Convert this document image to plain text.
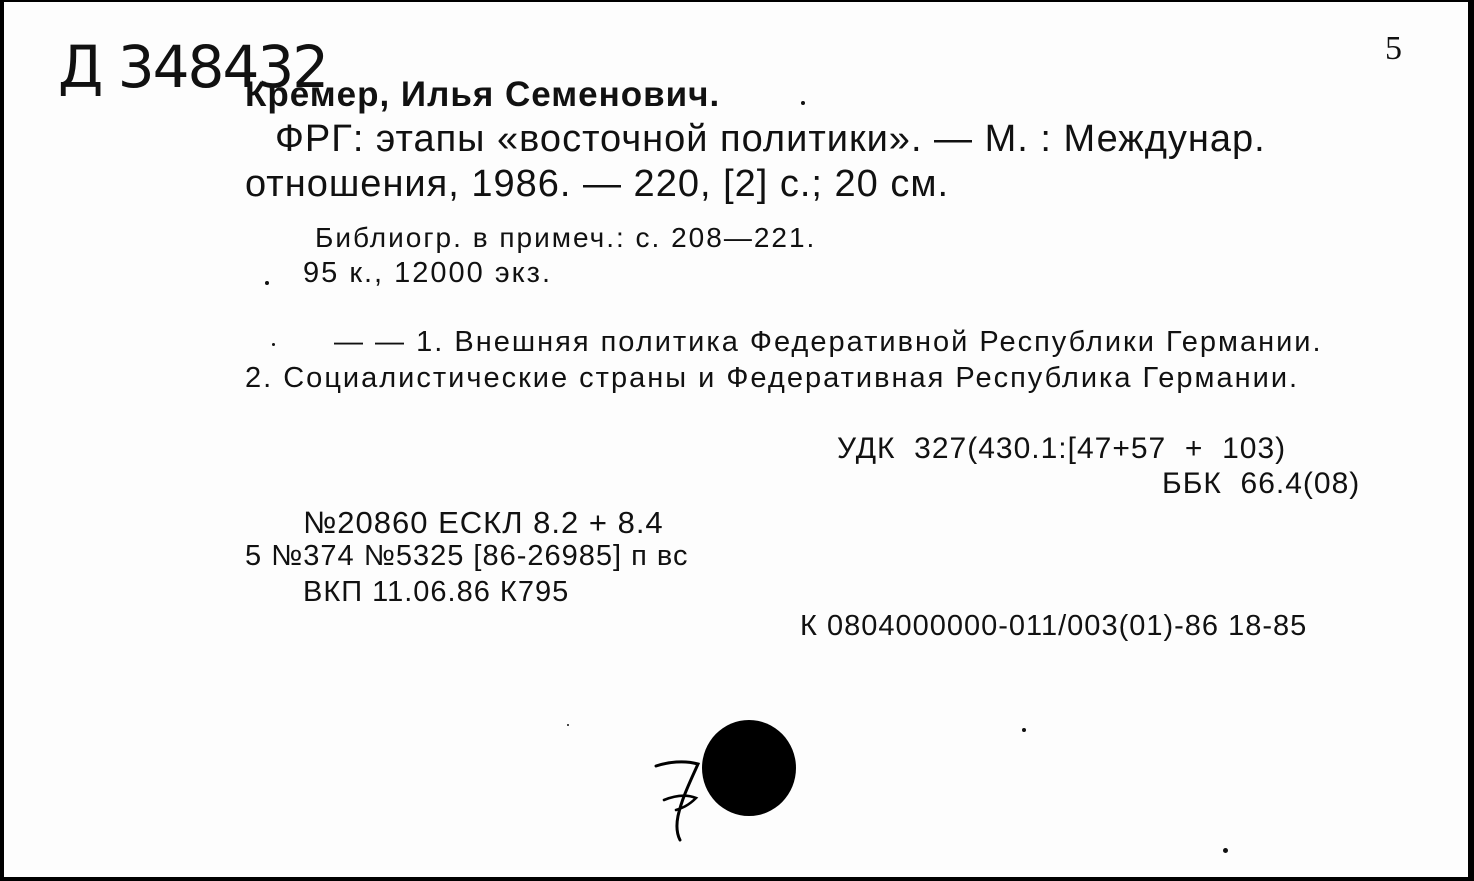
Д 348432
	5
Кремер, Илья Семенович.
ФРГ: этапы «восточной политики». — М. : Междунар.
отношения, 1986. — 220, [2] с.; 20 см.
Библиогр. в примеч.: с. 208—221.
95 к., 12000 экз.
— — 1. Внешняя политика Федеративной Республики Германии.
2. Социалистические страны и Федеративная Республика Германии.
УДК  327(430.1:[47+57  +  103)
ББК  66.4(08)
№20860 ЕСКЛ 8.2 + 8.4
5 №374 №5325 [86-26985] п вс
ВКП 11.06.86 К795
К 0804000000-011/003(01)-86 18-85
